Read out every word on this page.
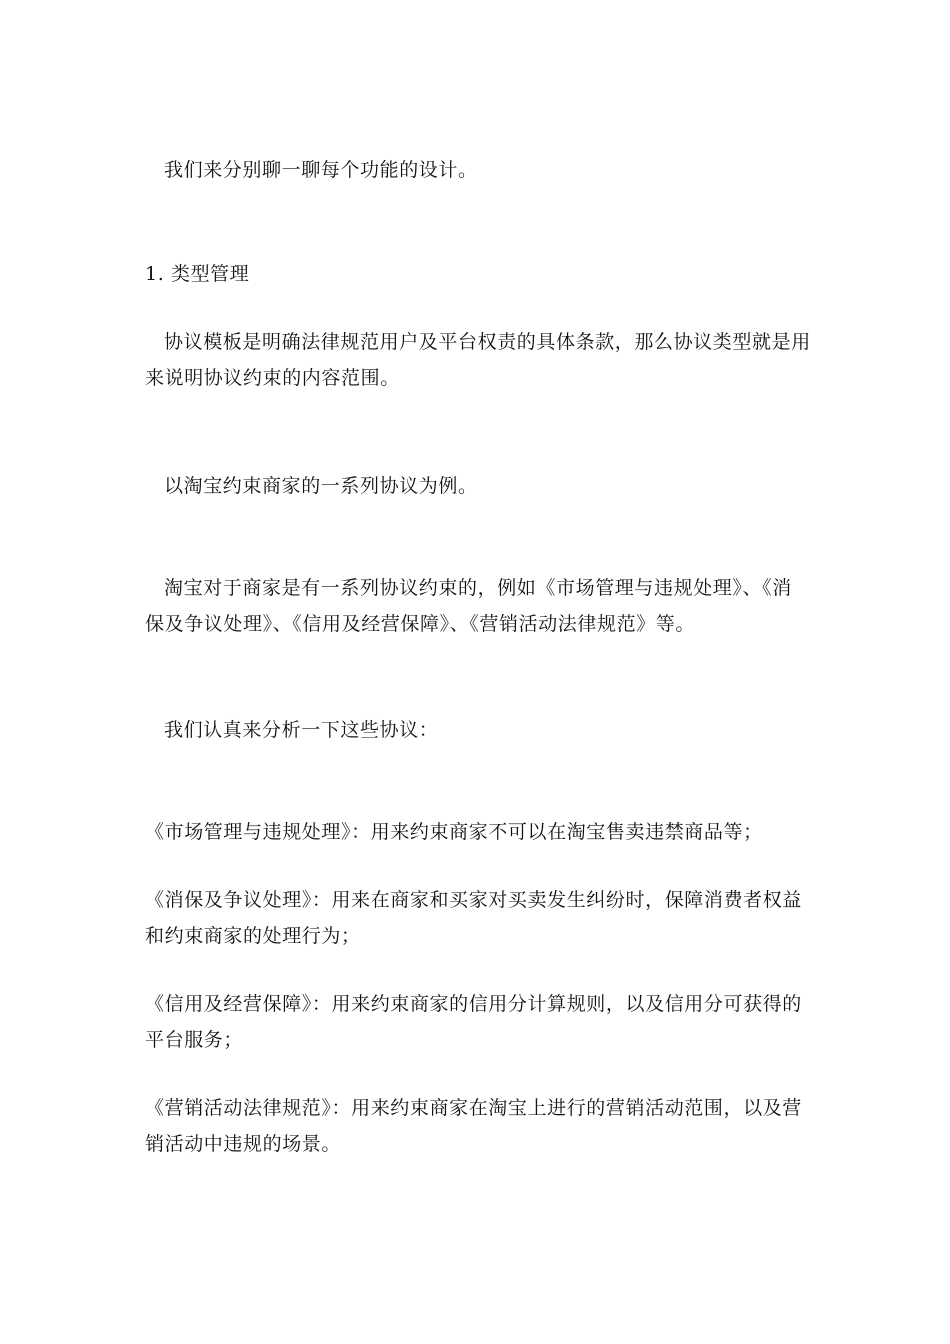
我们来分别聊一聊每个功能的设计。

1. 类型管理

协议模板是明确法律规范用户及平台权责的具体条款，那么协议类型就是用
来说明协议约束的内容范围。

以淘宝约束商家的一系列协议为例。

淘宝对于商家是有一系列协议约束的，例如《市场管理与违规处理》、《消
保及争议处理》、《信用及经营保障》、《营销活动法律规范》等。

我们认真来分析一下这些协议：

《市场管理与违规处理》：用来约束商家不可以在淘宝售卖违禁商品等；

《消保及争议处理》：用来在商家和买家对买卖发生纠纷时，保障消费者权益
和约束商家的处理行为；

《信用及经营保障》：用来约束商家的信用分计算规则，以及信用分可获得的
平台服务；

《营销活动法律规范》：用来约束商家在淘宝上进行的营销活动范围，以及营
销活动中违规的场景。
